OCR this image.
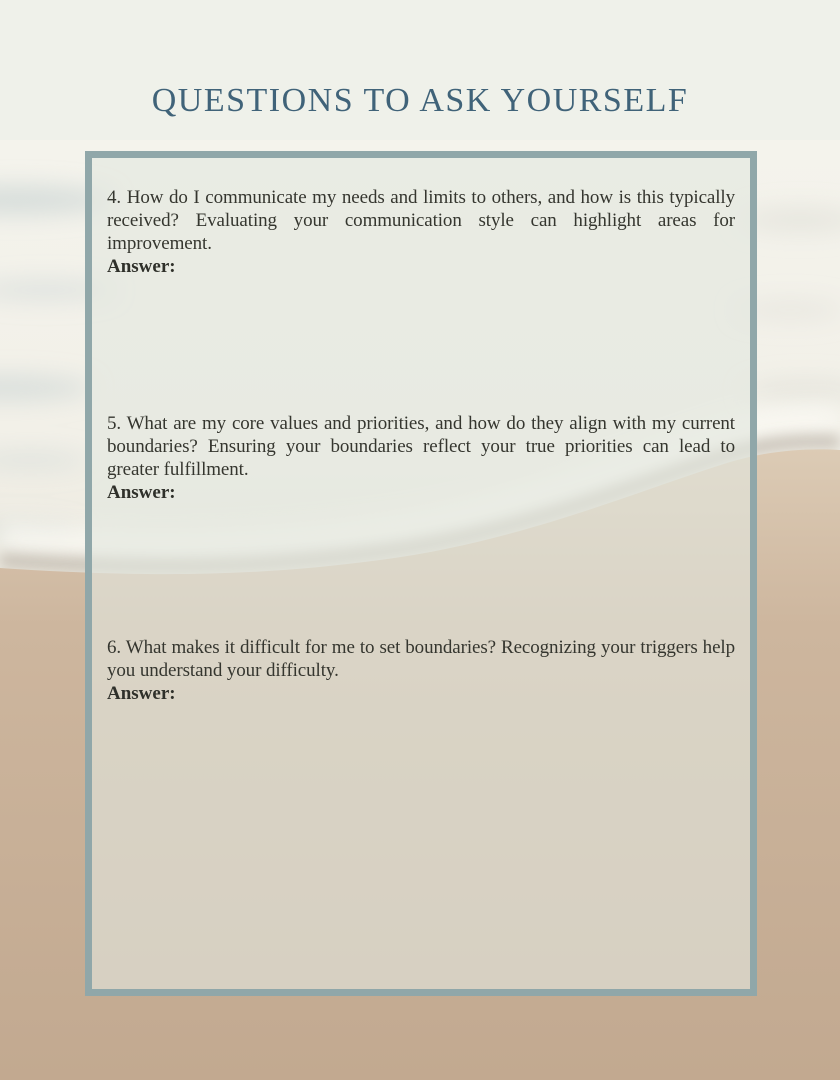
QUESTIONS TO ASK YOURSELF

4. How do I communicate my needs and limits to others, and how is this typically received? Evaluating your communication style can highlight areas for improvement.

Answer:

5. What are my core values and priorities, and how do they align with my current boundaries? Ensuring your boundaries reflect your true priorities can lead to greater fulfillment.

Answer:

6. What makes it difficult for me to set boundaries? Recognizing your triggers help you understand your difficulty.

Answer:
